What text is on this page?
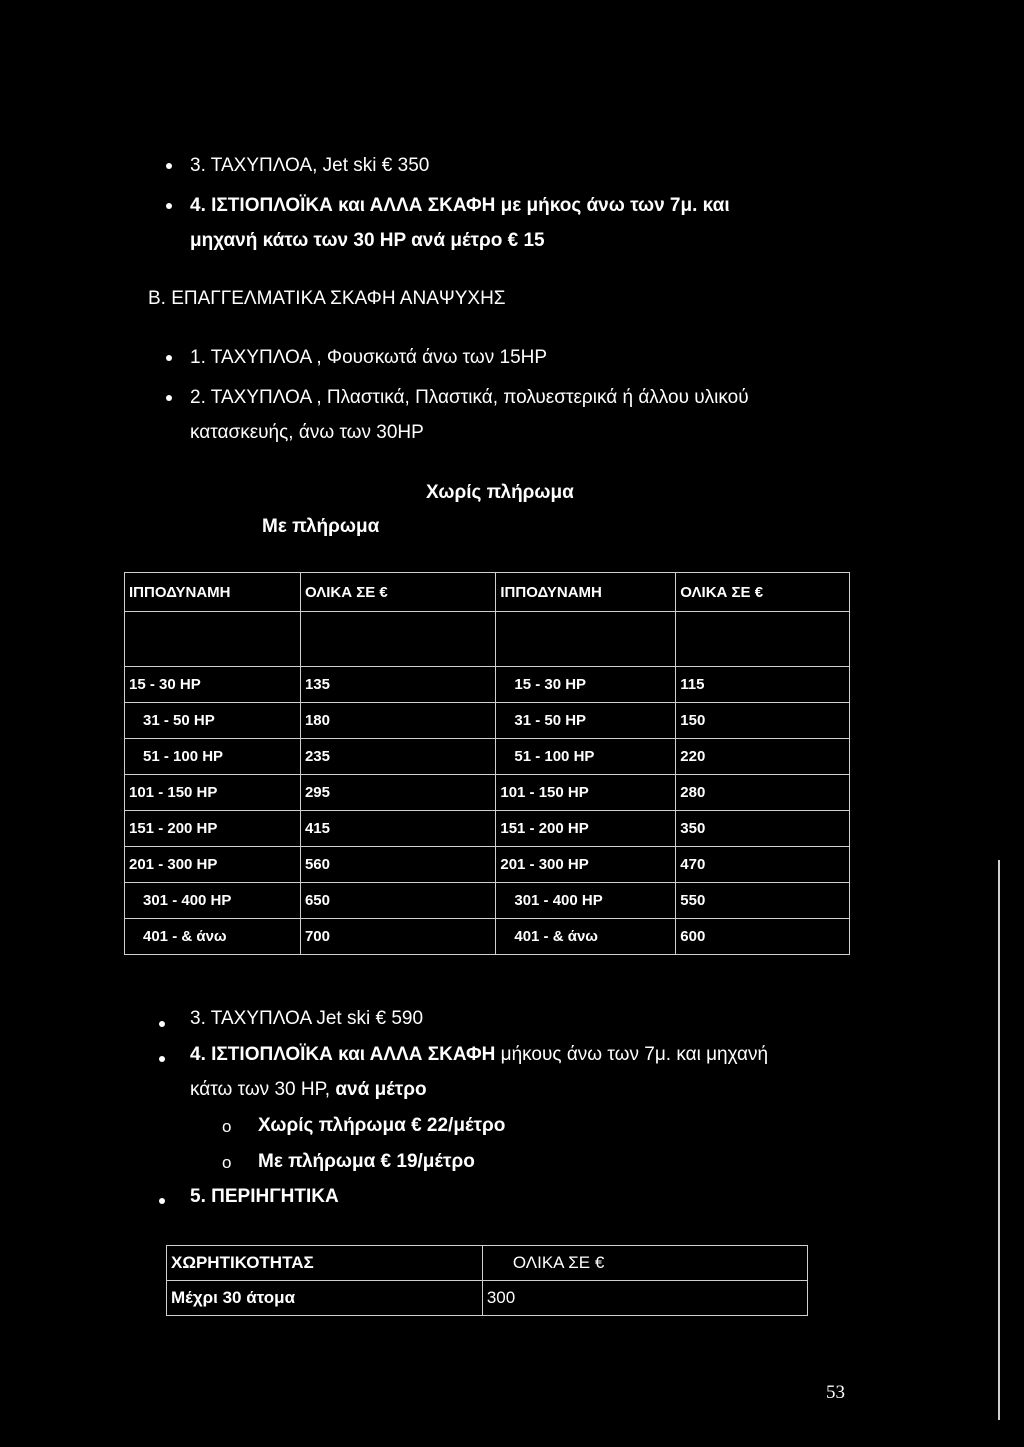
3. ΤΑΧΥΠΛΟΑ, Jet ski € 350
4. ΙΣΤΙΟΠΛΟΪΚΑ και ΑΛΛΑ ΣΚΑΦΗ με μήκος άνω των 7μ. και
μηχανή κάτω των 30 HP ανά μέτρο € 15
Β. ΕΠΑΓΓΕΛΜΑΤΙΚΑ ΣΚΑΦΗ ΑΝΑΨΥΧΗΣ
1. ΤΑΧΥΠΛΟΑ , Φουσκωτά άνω των 15HP
2. ΤΑΧΥΠΛΟΑ , Πλαστικά, Πλαστικά, πολυεστερικά ή άλλου υλικού
κατασκευής, άνω των 30HP
Χωρίς πλήρωμα
Με πλήρωμα
ΙΠΠΟΔΥΝΑΜΗ	ΟΛΙΚΑ ΣΕ €	ΙΠΠΟΔΥΝΑΜΗ	ΟΛΙΚΑ ΣΕ €

15 - 30 HP	135	15 - 30 HP	115
31 - 50 HP	180	31 - 50 HP	150
51 - 100 HP	235	51 - 100 HP	220
101 - 150 HP	295	101 - 150 HP	280
151 - 200 HP	415	151 - 200 HP	350
201 - 300 HP	560	201 - 300 HP	470
301 - 400 HP	650	301 - 400 HP	550
401 - & άνω	700	401 - & άνω	600
3. ΤΑΧΥΠΛΟΑ Jet ski € 590
4. ΙΣΤΙΟΠΛΟΪΚΑ και ΑΛΛΑ ΣΚΑΦΗ μήκους άνω των 7μ. και μηχανή
κάτω των 30 HP, ανά μέτρο
o Χωρίς πλήρωμα € 22/μέτρο
o Με πλήρωμα € 19/μέτρο
5. ΠΕΡΙΗΓΗΤΙΚΑ
ΧΩΡΗΤΙΚΟΤΗΤΑΣ	ΟΛΙΚΑ ΣΕ €
Μέχρι 30 άτομα	300
53
